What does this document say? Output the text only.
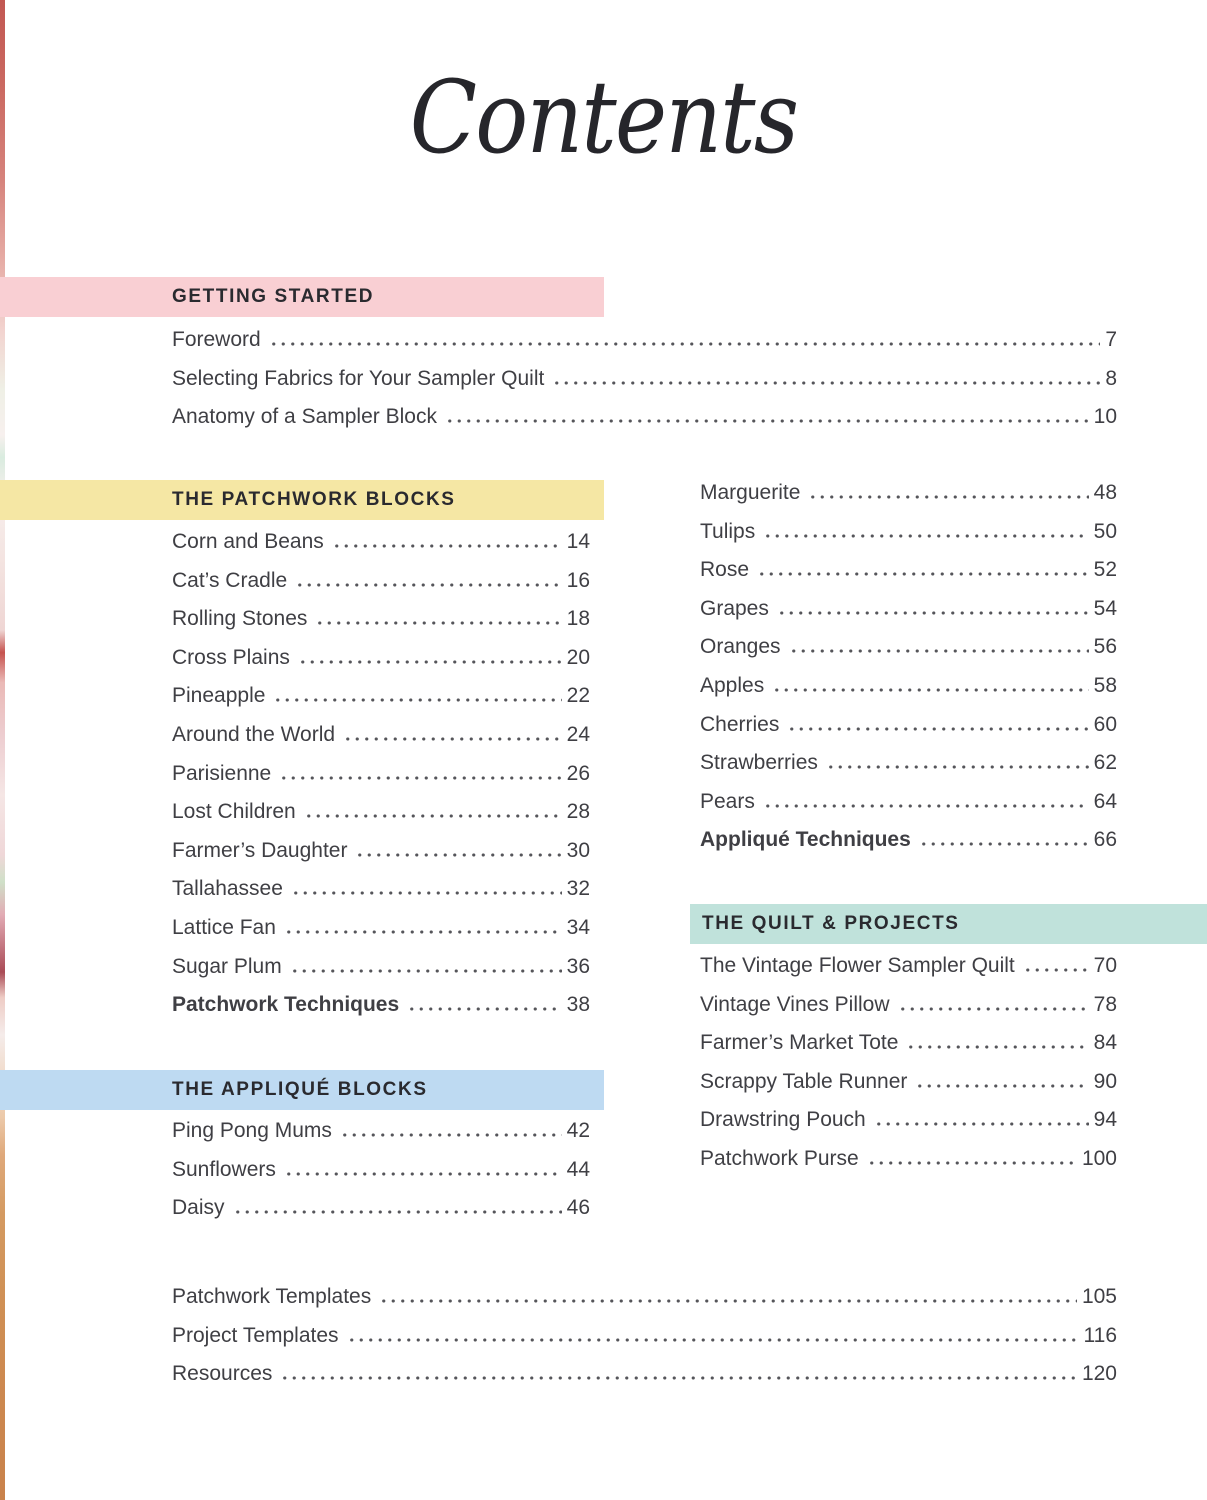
Contents
GETTING STARTED
Foreword	7
Selecting Fabrics for Your Sampler Quilt	8
Anatomy of a Sampler Block	10
THE PATCHWORK BLOCKS
Corn and Beans	14
Cat’s Cradle	16
Rolling Stones	18
Cross Plains	20
Pineapple	22
Around the World	24
Parisienne	26
Lost Children	28
Farmer’s Daughter	30
Tallahassee	32
Lattice Fan	34
Sugar Plum	36
Patchwork Techniques	38
THE APPLIQUÉ BLOCKS
Ping Pong Mums	42
Sunflowers	44
Daisy	46
Marguerite	48
Tulips	50
Rose	52
Grapes	54
Oranges	56
Apples	58
Cherries	60
Strawberries	62
Pears	64
Appliqué Techniques	66
THE QUILT & PROJECTS
The Vintage Flower Sampler Quilt	70
Vintage Vines Pillow	78
Farmer’s Market Tote	84
Scrappy Table Runner	90
Drawstring Pouch	94
Patchwork Purse	100
Patchwork Templates	105
Project Templates	116
Resources	120
